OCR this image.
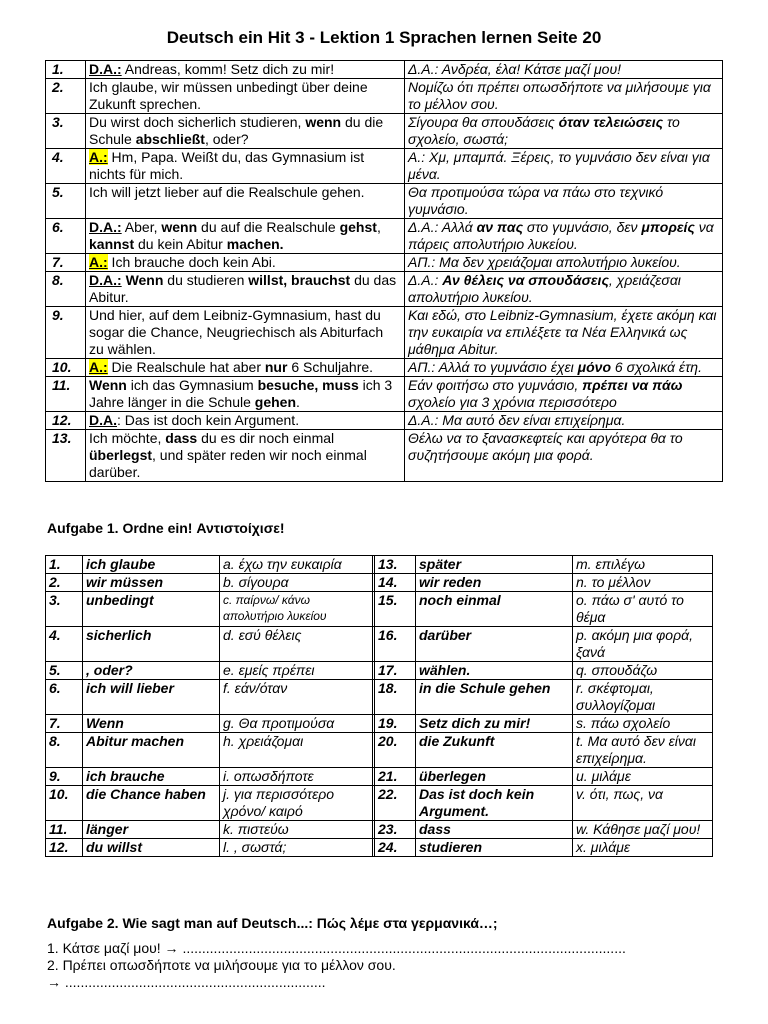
Deutsch ein Hit 3 - Lektion 1 Sprachen lernen Seite 20
1.	D.A.: Andreas, komm! Setz dich zu mir!	Δ.Α.: Ανδρέα, έλα! Κάτσε μαζί μου!
2.	Ich glaube, wir müssen unbedingt über deine Zukunft sprechen.	Νομίζω ότι πρέπει οπωσδήποτε να μιλήσουμε για το μέλλον σου.
3.	Du wirst doch sicherlich studieren, wenn du die Schule abschließt, oder?	Σίγουρα θα σπουδάσεις όταν τελειώσεις το σχολείο, σωστά;
4.	A.: Hm, Papa. Weißt du, das Gymnasium ist nichts für mich.	Α.: Χμ, μπαμπά. Ξέρεις, το γυμνάσιο δεν είναι για μένα.
5.	Ich will jetzt lieber auf die Realschule gehen.	Θα προτιμούσα τώρα να πάω στο τεχνικό γυμνάσιο.
6.	D.A.: Aber, wenn du auf die Realschule gehst, kannst du kein Abitur machen.	Δ.Α.: Αλλά αν πας στο γυμνάσιο, δεν μπορείς να πάρεις απολυτήριο λυκείου.
7.	A.: Ich brauche doch kein Abi.	ΑΠ.: Μα δεν χρειάζομαι απολυτήριο λυκείου.
8.	D.A.: Wenn du studieren willst, brauchst du das Abitur.	Δ.Α.: Αν θέλεις να σπουδάσεις, χρειάζεσαι απολυτήριο λυκείου.
9.	Und hier, auf dem Leibniz-Gymnasium, hast du sogar die Chance, Neugriechisch als Abiturfach zu wählen.	Και εδώ, στο Leibniz-Gymnasium, έχετε ακόμη και την ευκαιρία να επιλέξετε τα Νέα Ελληνικά ως μάθημα Abitur.
10.	A.: Die Realschule hat aber nur 6 Schuljahre.	ΑΠ.: Αλλά το γυμνάσιο έχει μόνο 6 σχολικά έτη.
11.	Wenn ich das Gymnasium besuche, muss ich 3 Jahre länger in die Schule gehen.	Εάν φοιτήσω στο γυμνάσιο, πρέπει να πάω σχολείο για 3 χρόνια περισσότερο
12.	D.A.: Das ist doch kein Argument.	Δ.Α.: Μα αυτό δεν είναι επιχείρημα.
13.	Ich möchte, dass du es dir noch einmal überlegst, und später reden wir noch einmal darüber.	Θέλω να το ξανασκεφτείς και αργότερα θα το συζητήσουμε ακόμη μια φορά.
Aufgabe 1. Ordne ein! Αντιστοίχισε!
1.	ich glaube	a. έχω την ευκαιρία		13.	später	m. επιλέγω
2.	wir müssen	b. σίγουρα		14.	wir reden	n. το μέλλον
3.	unbedingt	c. παίρνω/ κάνω απολυτήριο λυκείου		15.	noch einmal	o. πάω σ' αυτό το θέμα
4.	sicherlich	d. εσύ θέλεις		16.	darüber	p. ακόμη μια φορά, ξανά
5.	, oder?	e. εμείς πρέπει		17.	wählen.	q. σπουδάζω
6.	ich will lieber	f. εάν/όταν		18.	in die Schule gehen	r. σκέφτομαι, συλλογίζομαι
7.	Wenn	g. Θα προτιμούσα		19.	Setz dich zu mir!	s. πάω σχολείο
8.	Abitur machen	h. χρειάζομαι		20.	die Zukunft	t. Μα αυτό δεν είναι επιχείρημα.
9.	ich brauche	i. οπωσδήποτε		21.	überlegen	u. μιλάμε
10.	die Chance haben	j. για περισσότερο χρόνο/ καιρό		22.	Das ist doch kein Argument.	v. ότι, πως, να
11.	länger	k. πιστεύω		23.	dass	w. Κάθησε μαζί μου!
12.	du willst	l. , σωστά;		24.	studieren	x. μιλάμε
Aufgabe 2. Wie sagt man auf Deutsch...: Πώς λέμε στα γερμανικά…;
1. Κάτσε μαζί μου! → ..................................................................................................................
2. Πρέπει οπωσδήποτε να μιλήσουμε για το μέλλον σου.
→ ...................................................................
